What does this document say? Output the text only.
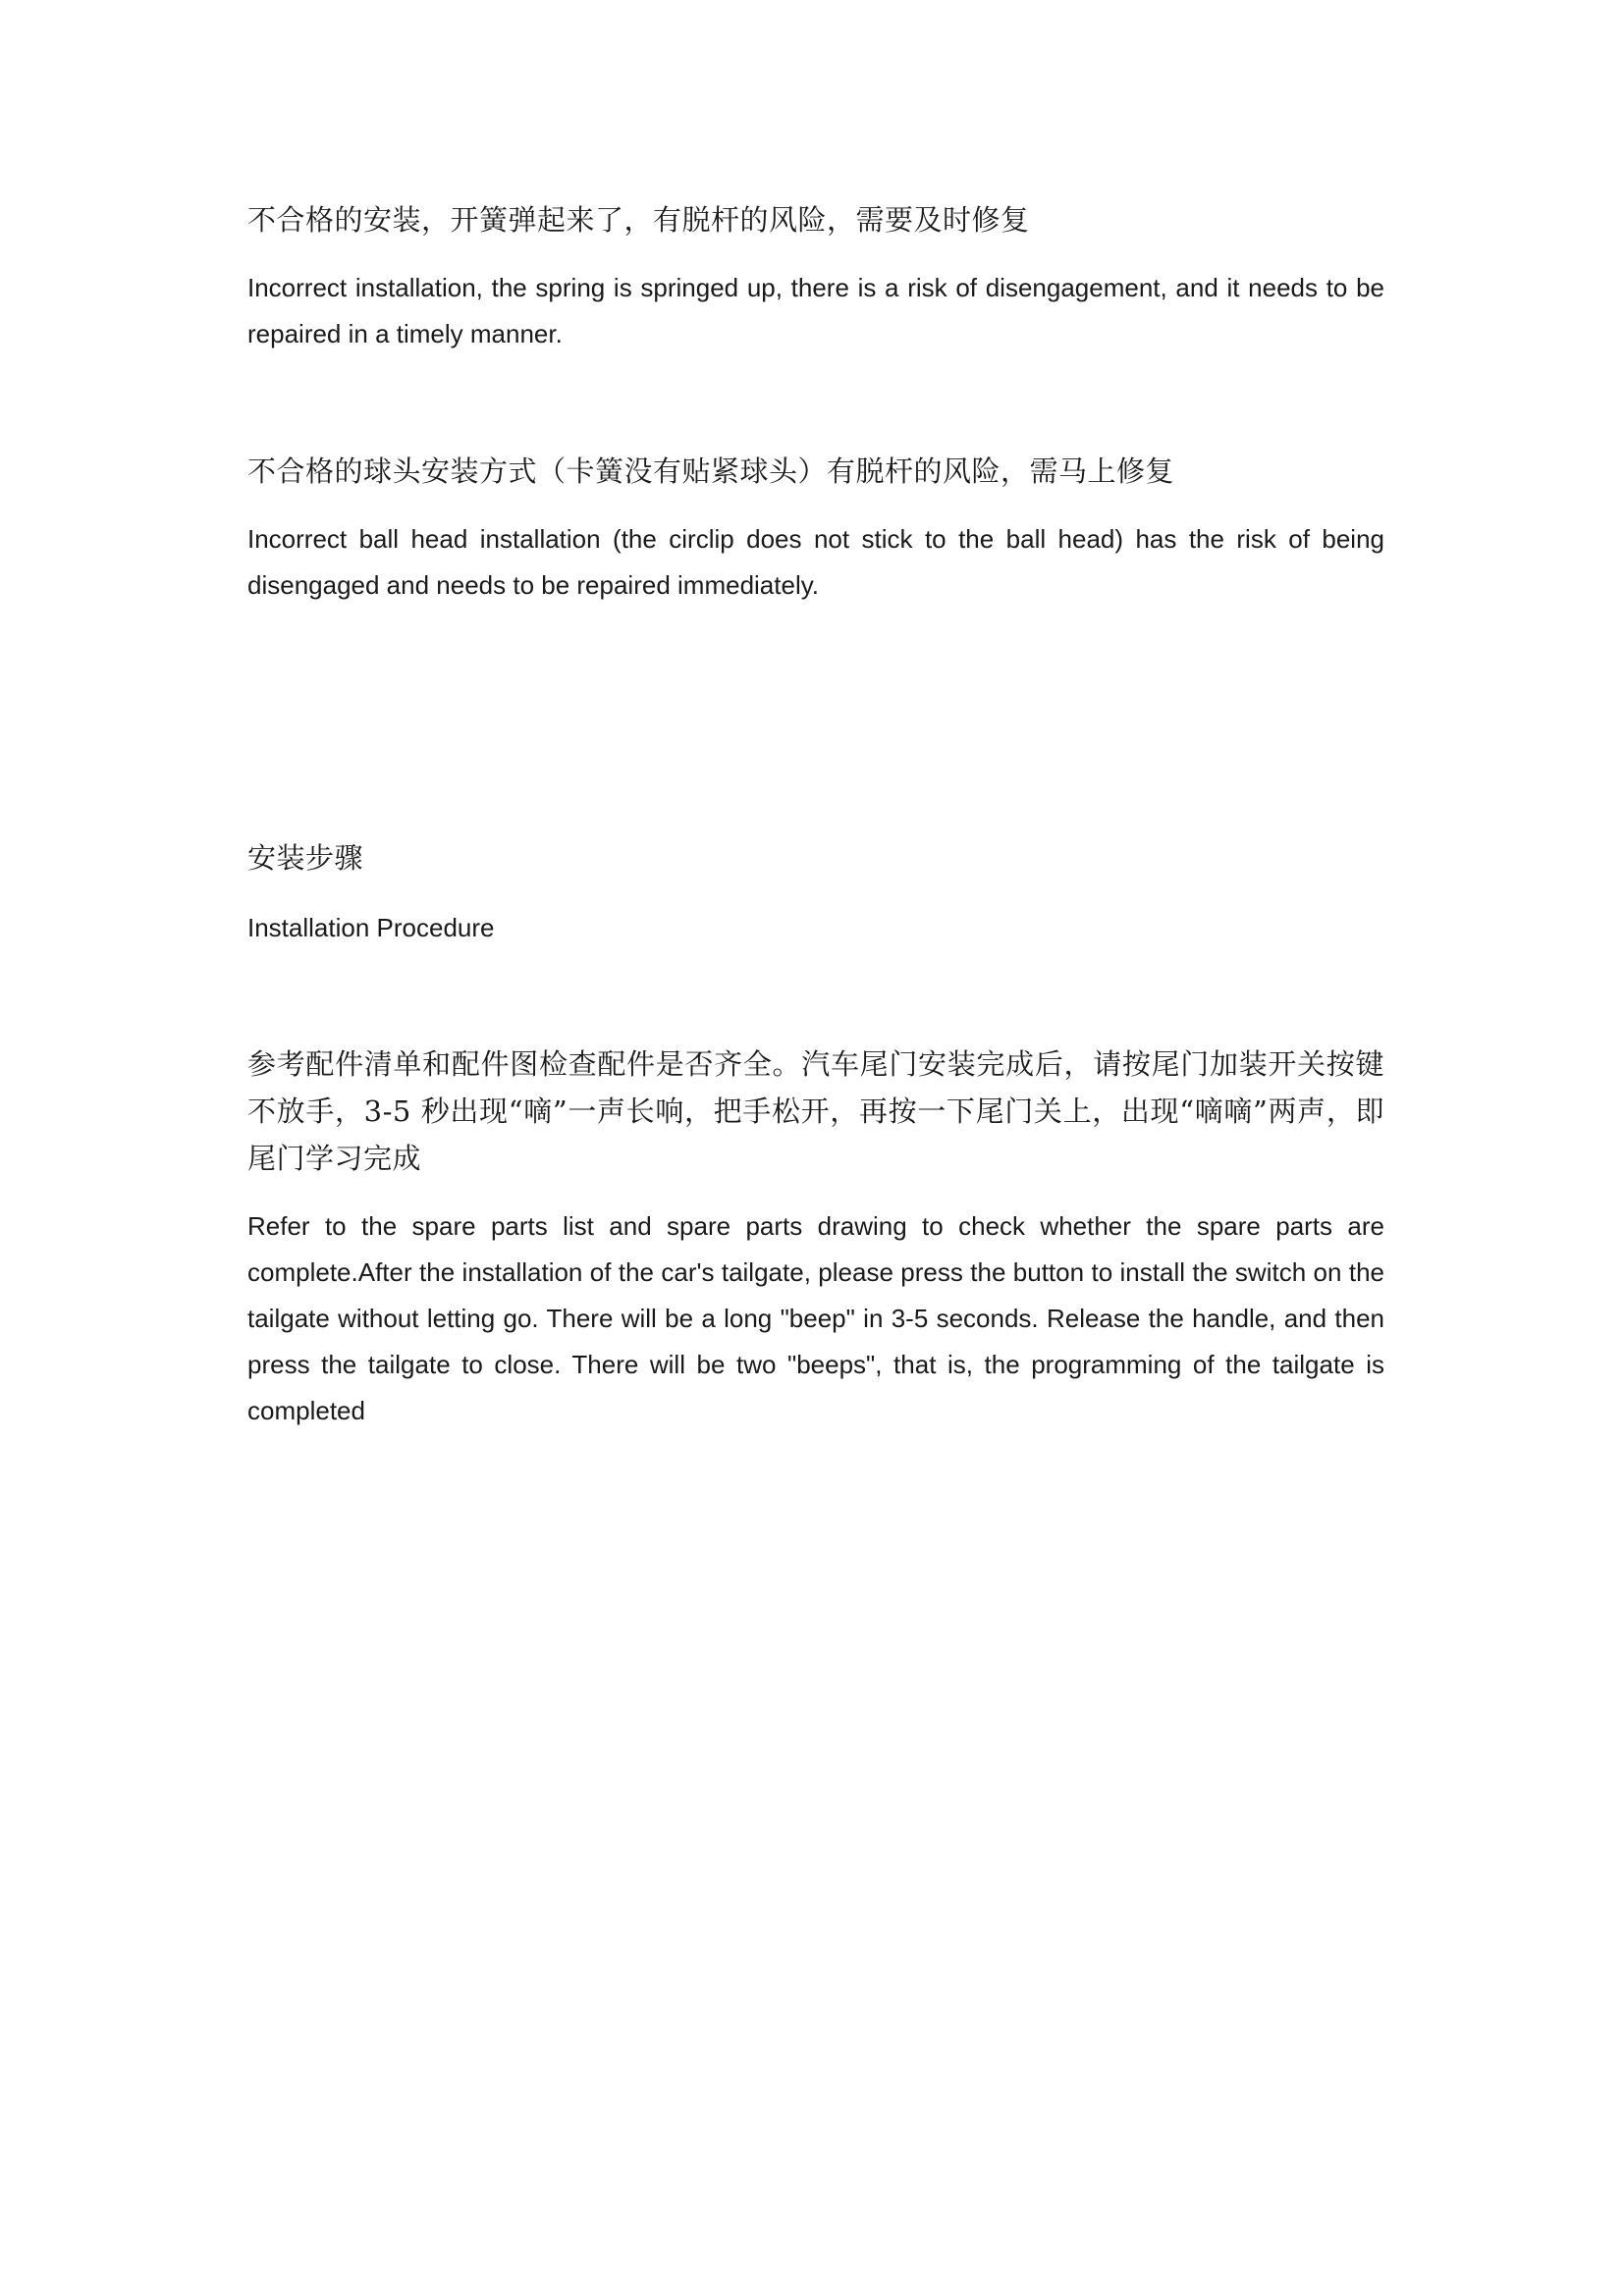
不合格的安装，开簧弹起来了，有脱杆的风险，需要及时修复
Incorrect installation, the spring is springed up, there is a risk of disengagement, and it needs to be repaired in a timely manner.
不合格的球头安装方式（卡簧没有贴紧球头）有脱杆的风险，需马上修复
Incorrect ball head installation (the circlip does not stick to the ball head) has the risk of being disengaged and needs to be repaired immediately.
安装步骤
Installation Procedure
参考配件清单和配件图检查配件是否齐全。汽车尾门安装完成后，请按尾门加装开关按键不放手，3-5 秒出现“嘀”一声长响，把手松开，再按一下尾门关上，出现“嘀嘀”两声，即尾门学习完成
Refer to the spare parts list and spare parts drawing to check whether the spare parts are complete.After the installation of the car's tailgate, please press the button to install the switch on the tailgate without letting go. There will be a long "beep" in 3-5 seconds. Release the handle, and then press the tailgate to close. There will be two "beeps", that is, the programming of the tailgate is completed
